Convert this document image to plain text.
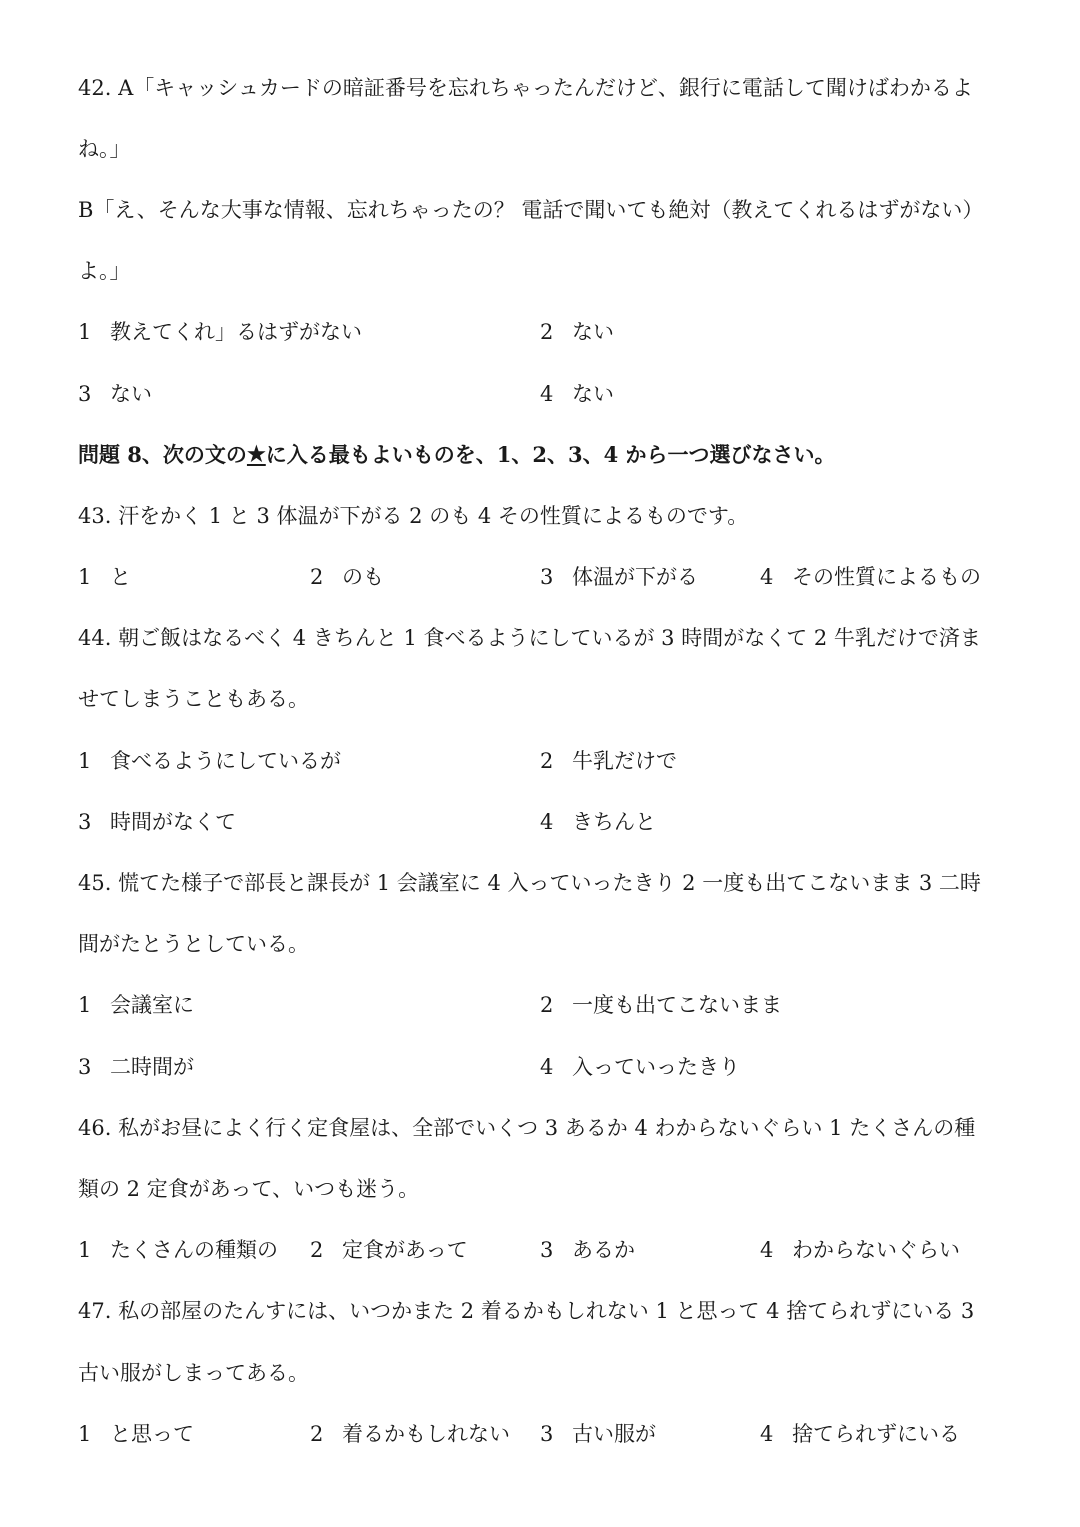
42. A「キャッシュカードの暗証番号を忘れちゃったんだけど、銀行に電話して聞けばわかるよ
ね。」
B「え、そんな大事な情報、忘れちゃったの？ 電話で聞いても絶対（教えてくれるはずがない）
よ。」
1 教えてくれ」るはずがない	2 ない
3 ない	4 ない
問題 8、次の文の ★ に入る最もよいものを、1、2、3、4 から一つ選びなさい。
43. 汗をかく 1 と 3 体温が下がる 2 のも 4 その性質によるものです。
1 と	2 のも	3 体温が下がる	4 その性質によるもの
44. 朝ご飯はなるべく 4 きちんと 1 食べるようにしているが 3 時間がなくて 2 牛乳だけで済ま
せてしまうこともある。
1 食べるようにしているが	2 牛乳だけで
3 時間がなくて	4 きちんと
45. 慌てた様子で部長と課長が 1 会議室に 4 入っていったきり 2 一度も出てこないまま 3 二時
間がたとうとしている。
1 会議室に	2 一度も出てこないまま
3 二時間が	4 入っていったきり
46. 私がお昼によく行く定食屋は、全部でいくつ 3 あるか 4 わからないぐらい 1 たくさんの種
類の 2 定食があって、いつも迷う。
1 たくさんの種類の 2 定食があって	3 あるか	4 わからないぐらい
47. 私の部屋のたんすには、いつかまた 2 着るかもしれない 1 と思って 4 捨てられずにいる 3
古い服がしまってある。
1 と思って	2 着るかもしれない 3 古い服が	4 捨てられずにいる
